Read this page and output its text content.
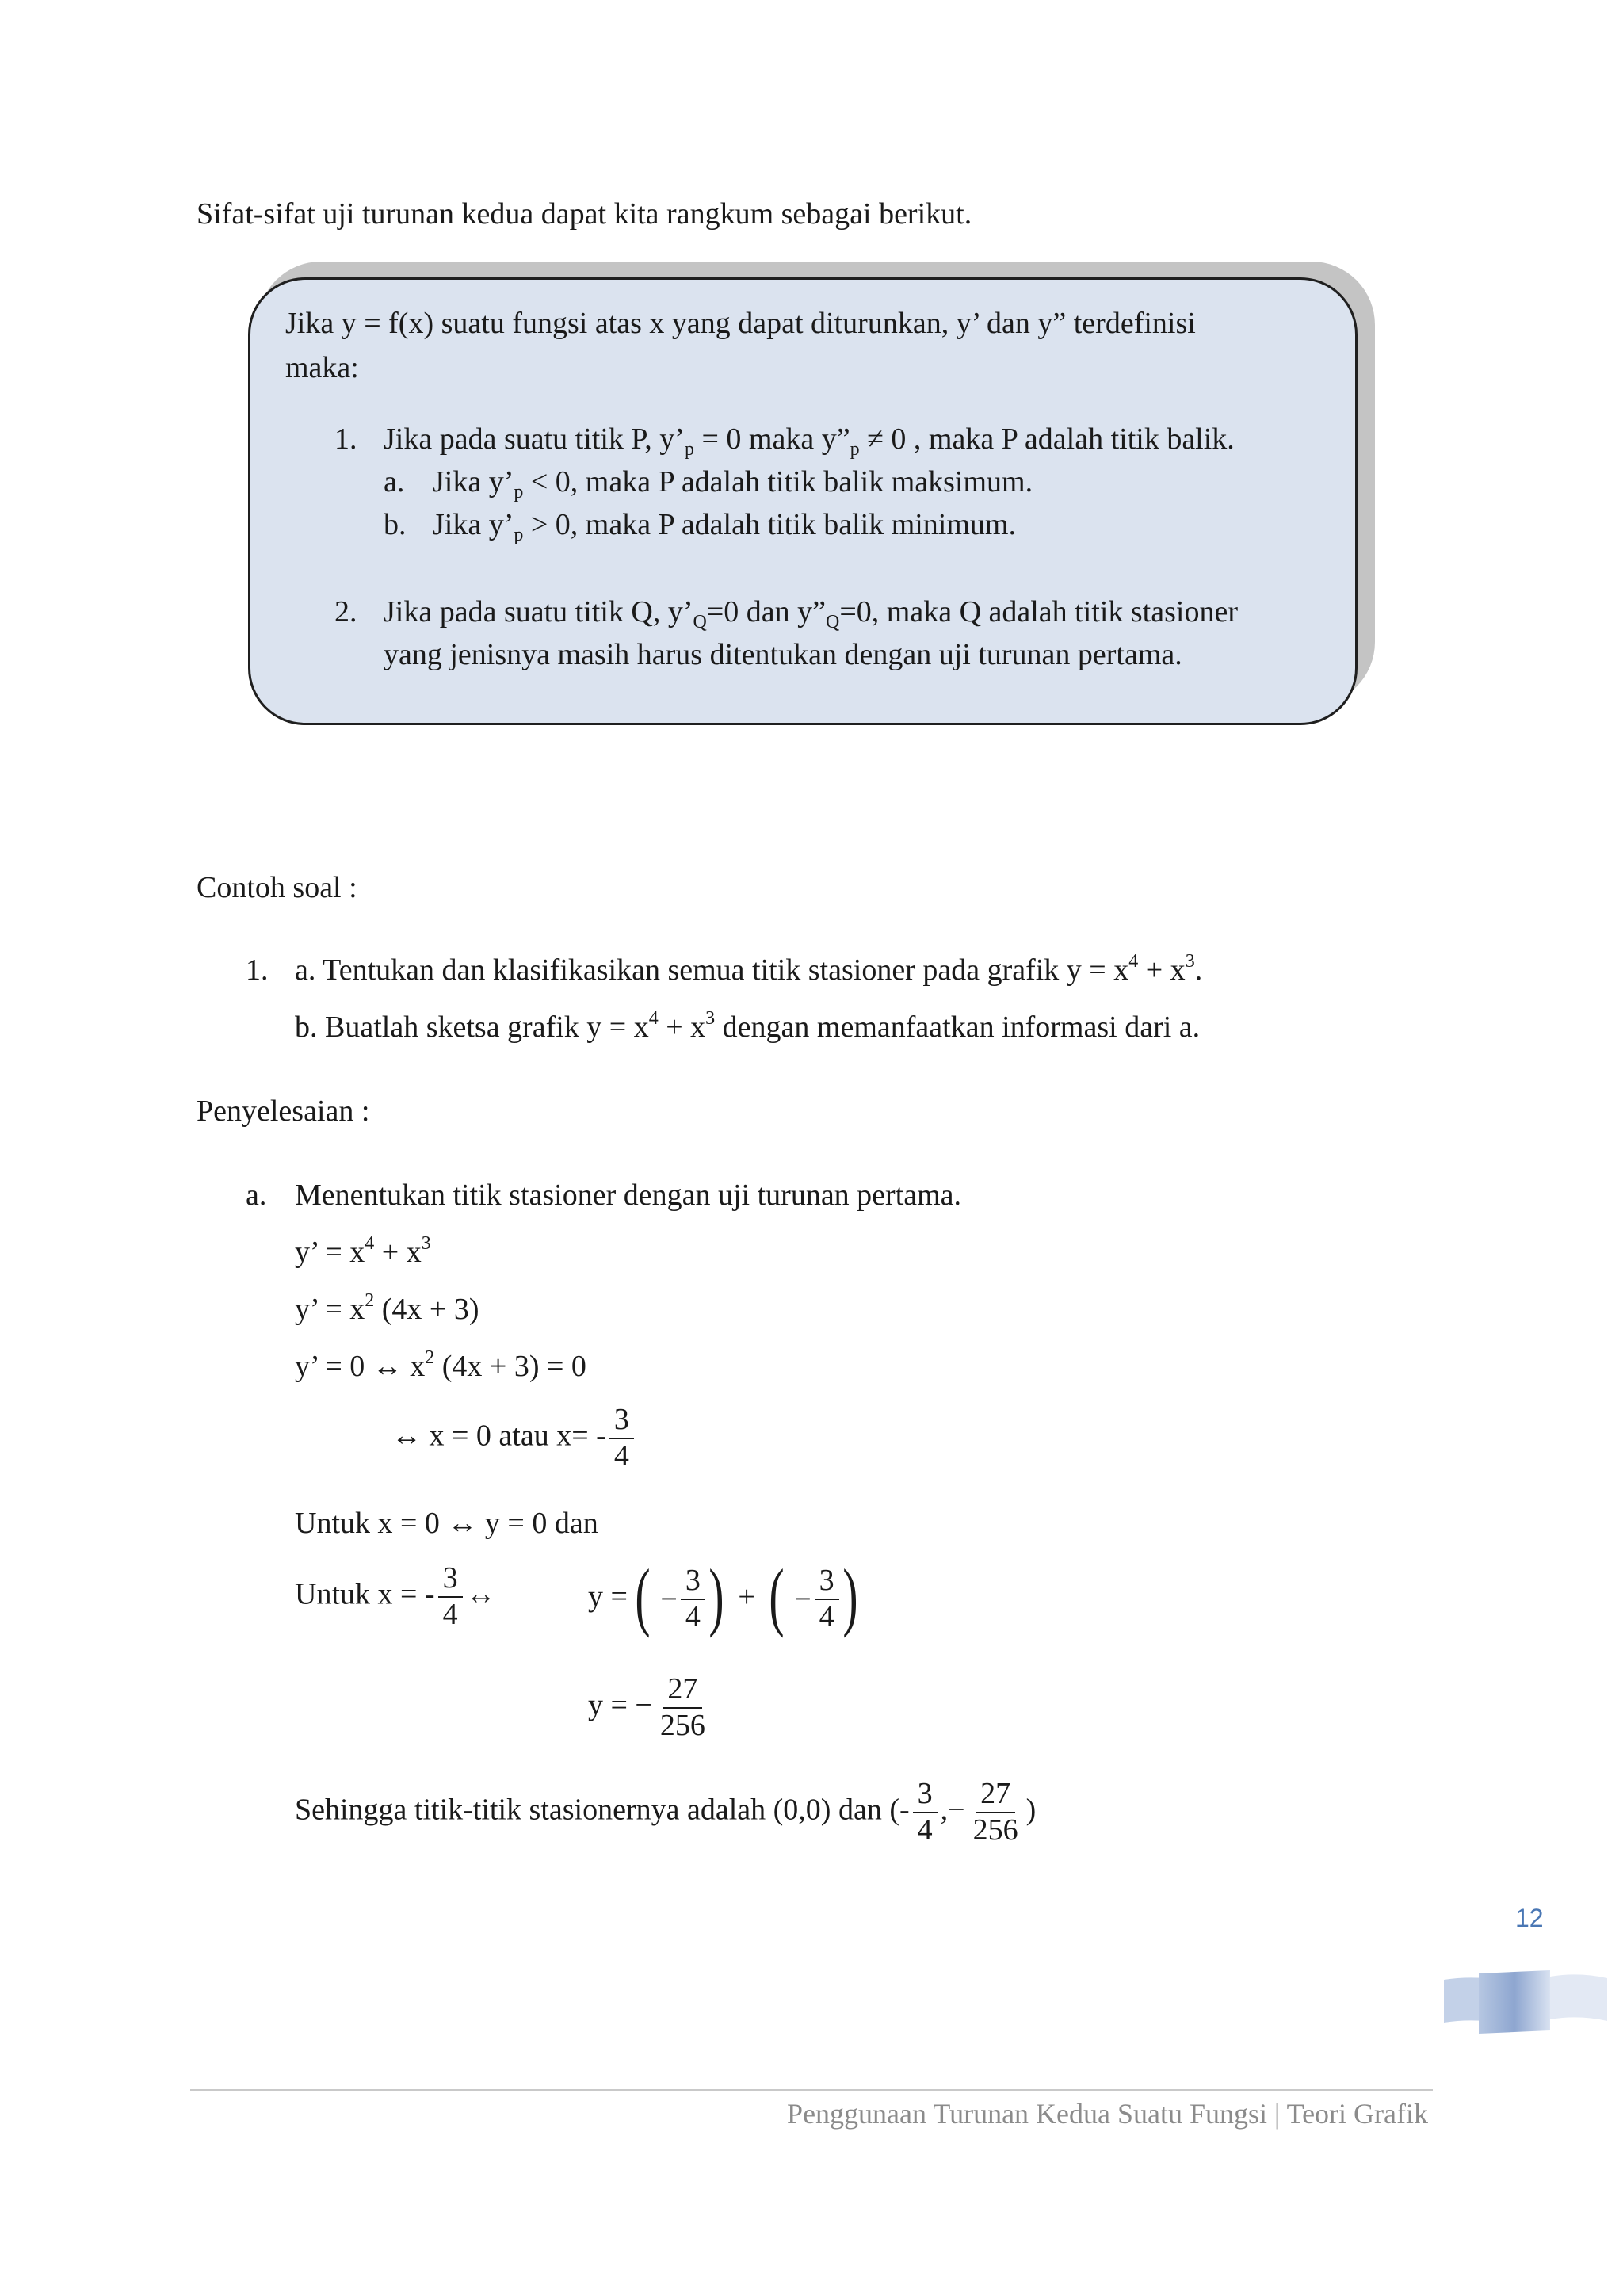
Sifat-sifat uji turunan kedua dapat kita rangkum sebagai berikut.
Jika y = f(x) suatu fungsi atas x yang dapat diturunkan, y’ dan y” terdefinisi
maka:
1. Jika pada suatu titik P, $y’_p = 0$ maka $y”_p \ne 0$ , maka P adalah titik balik.
a. Jika $y’_p < 0$, maka P adalah titik balik maksimum.
b. Jika $y’_p > 0$, maka P adalah titik balik minimum.
2. Jika pada suatu titik Q, $y’_Q=0$ dan $y”_Q=0$, maka Q adalah titik stasioner
yang jenisnya masih harus ditentukan dengan uji turunan pertama.
Contoh soal :
1. a. Tentukan dan klasifikasikan semua titik stasioner pada grafik $y = x^4 + x^3$.
b. Buatlah sketsa grafik $y = x^4 + x^3$ dengan memanfaatkan informasi dari a.
Penyelesaian :
a. Menentukan titik stasioner dengan uji turunan pertama.
y’ = $x^4 + x^3$
y’ = $x^2$ (4x + 3)
y’ = 0 ↔ $x^2$ (4x + 3) = 0
↔ x = 0 atau $x= - \frac{3}{4}$
Untuk x = 0 ↔ y = 0 dan
Untuk x = - $\frac{3}{4}$ ↔	y = ( − $\frac{3}{4}$ ) + ( − $\frac{3}{4}$ )
y = − $\frac{27}{256}$
Sehingga titik-titik stasionernya adalah (0,0) dan (- $\frac{3}{4}$ ,− $\frac{27}{256}$ )
12
Penggunaan Turunan Kedua Suatu Fungsi | Teori Grafik
